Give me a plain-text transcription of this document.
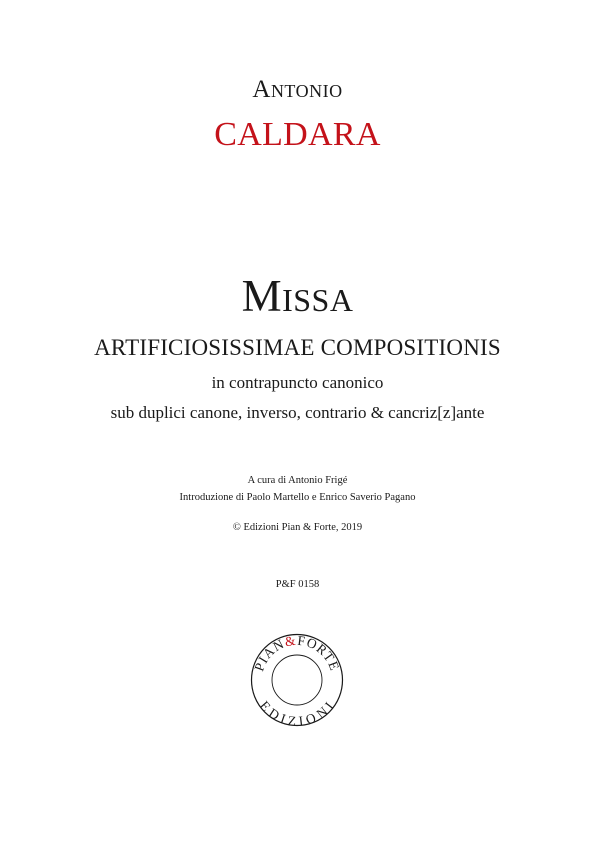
Antonio
CALDARA
Missa
ARTIFICIOSISSIMAE COMPOSITIONIS
in contrapuncto canonico
sub duplici canone, inverso, contrario & cancriz[z]ante
A cura di Antonio Frigé
Introduzione di Paolo Martello e Enrico Saverio Pagano
© Edizioni Pian & Forte, 2019
P&F 0158
PIAN&FORTE
EDIZIONI
